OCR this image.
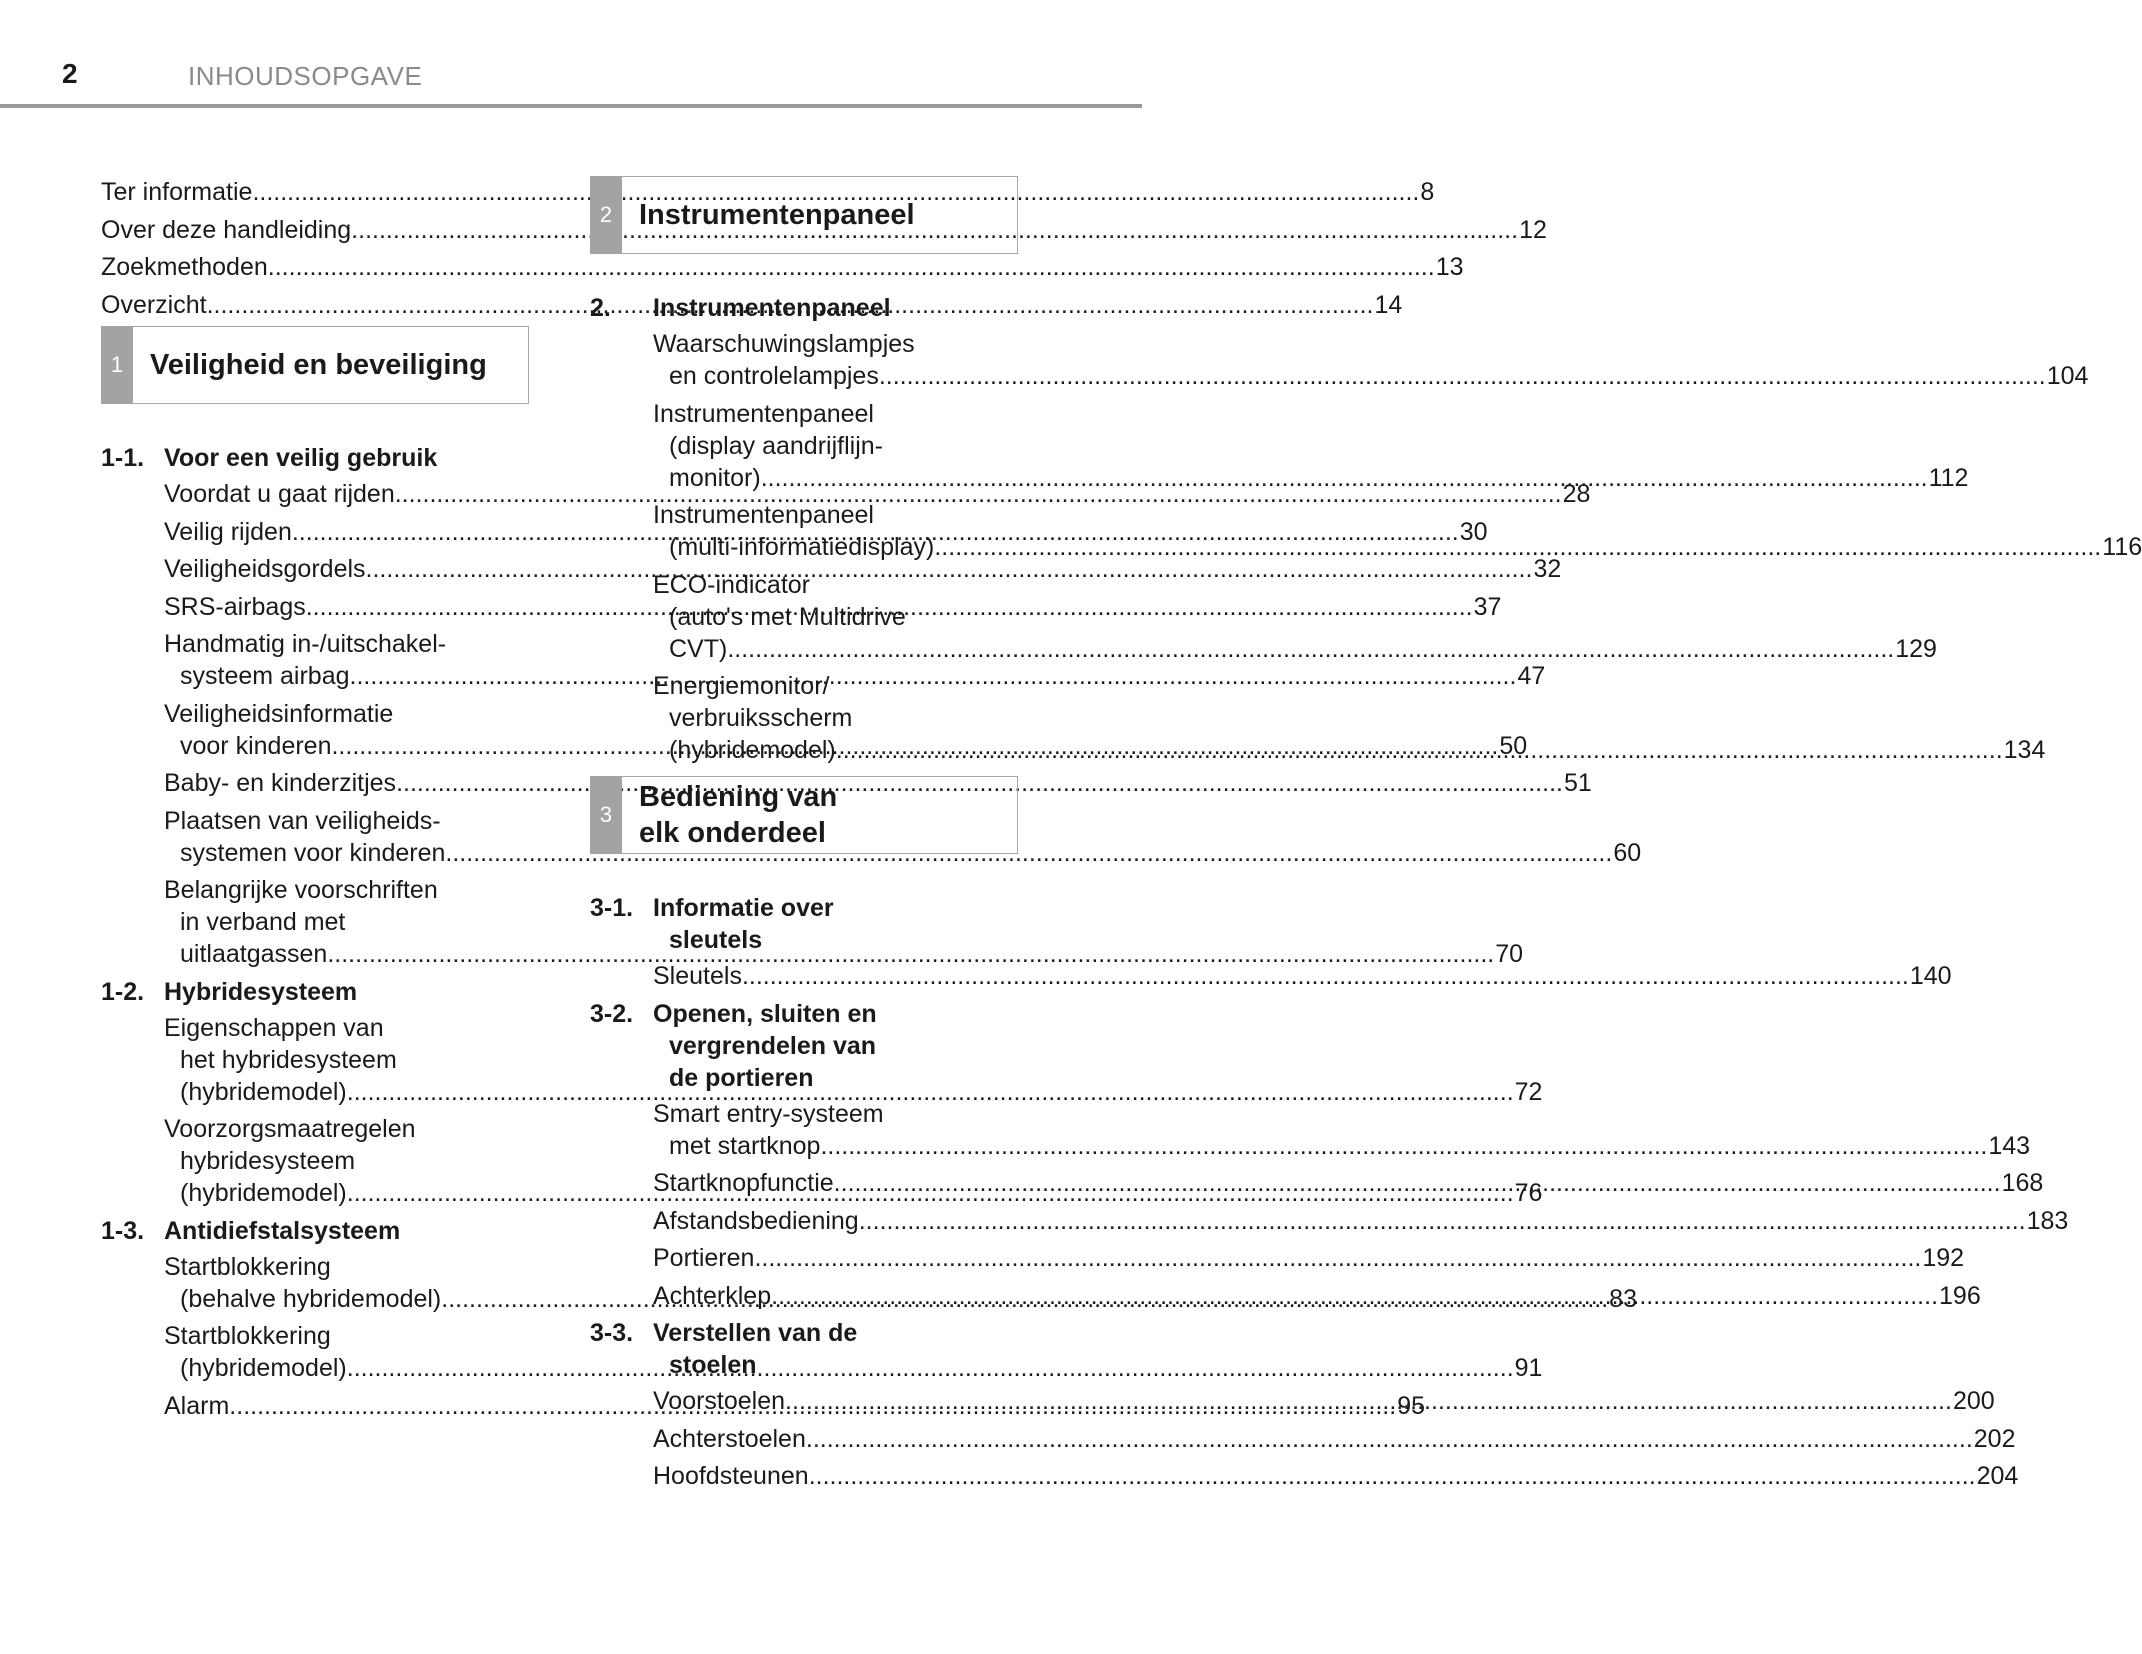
2	INHOUDSOPGAVE
Ter informatie .....	8
Over deze handleiding .....	12
Zoekmethoden .....	13
Overzicht .....	14
1 Veiligheid en beveiliging
1-1. Voor een veilig gebruik
Voordat u gaat rijden .....	28
Veilig rijden .....	30
Veiligheidsgordels .....	32
SRS-airbags .....	37
Handmatig in-/uitschakel-
systeem airbag .....	47
Veiligheidsinformatie
voor kinderen .....	50
Baby- en kinderzitjes .....	51
Plaatsen van veiligheids-
systemen voor kinderen .....	60
Belangrijke voorschriften
in verband met
uitlaatgassen .....	70
1-2. Hybridesysteem
Eigenschappen van
het hybridesysteem
(hybridemodel) .....	72
Voorzorgsmaatregelen
hybridesysteem
(hybridemodel) .....	76
1-3. Antidiefstalsysteem
Startblokkering
(behalve hybridemodel) .....	83
Startblokkering
(hybridemodel) .....	91
Alarm .....	95
2 Instrumentenpaneel
2.	Instrumentenpaneel
Waarschuwingslampjes
en controlelampjes .....	104
Instrumentenpaneel
(display aandrijflijn-
monitor) .....	112
Instrumentenpaneel
(multi-informatiedisplay) .....	116
ECO-indicator
(auto's met Multidrive
CVT) .....	129
Energiemonitor/
verbruiksscherm
(hybridemodel) .....	134
3
Bediening van
elk onderdeel
3-1. Informatie over
sleutels
Sleutels .....	140
3-2. Openen, sluiten en
vergrendelen van
de portieren
Smart entry-systeem
met startknop .....	143
Startknopfunctie .....	168
Afstandsbediening .....	183
Portieren .....	192
Achterklep .....	196
3-3. Verstellen van de
stoelen
Voorstoelen .....	200
Achterstoelen .....	202
Hoofdsteunen .....	204
